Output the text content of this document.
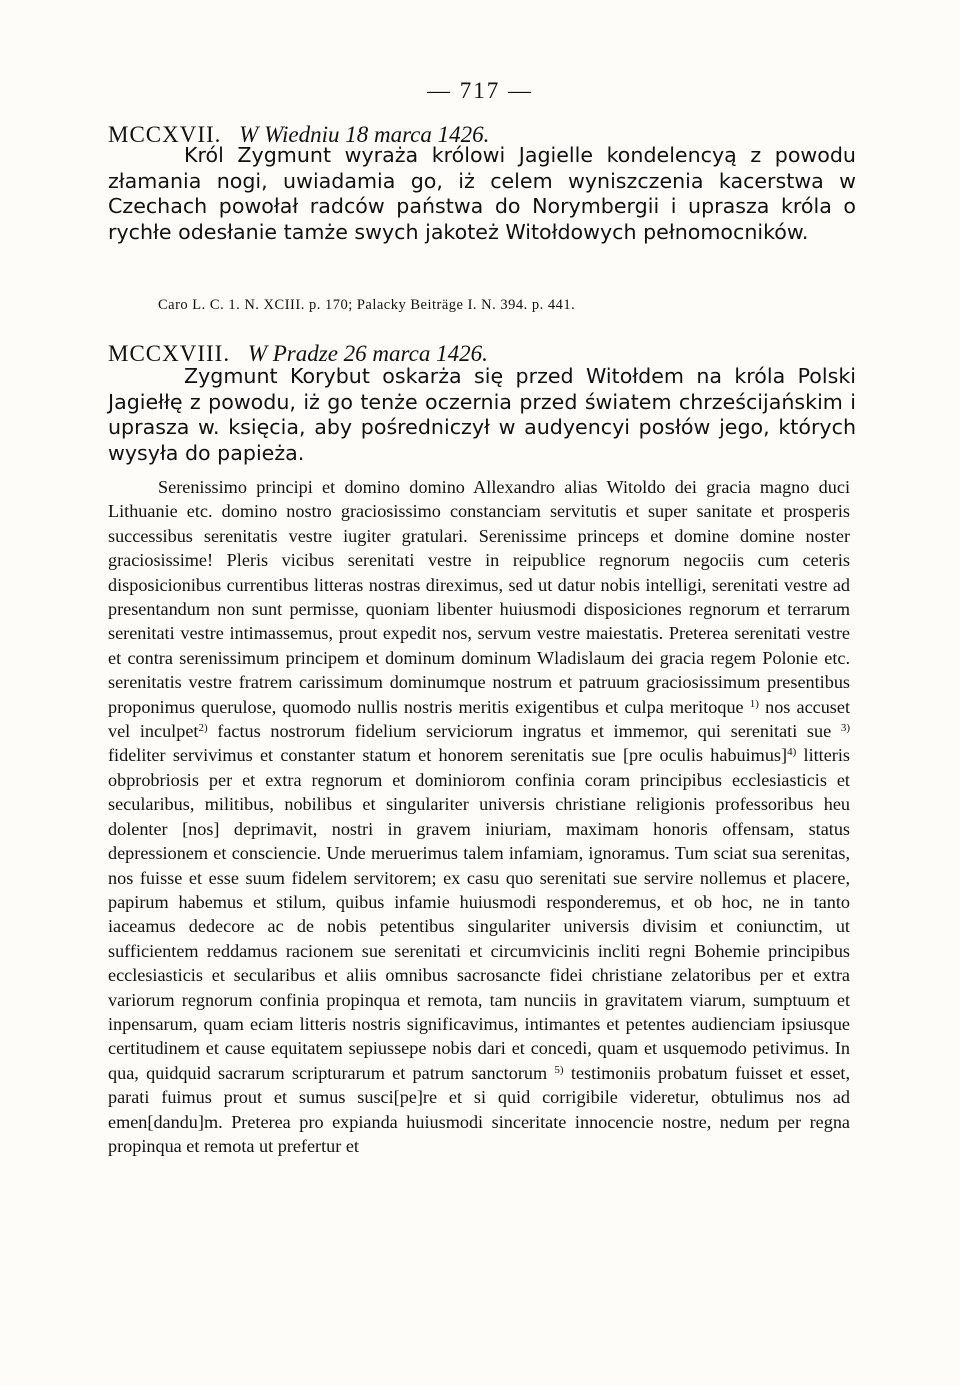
— 717 —
MCCXVII. W Wiedniu 18 marca 1426.

Król Zygmunt wyraża królowi Jagielle kondelencyą z powodu złamania nogi, uwiadamia go, iż celem wyniszczenia kacerstwa w Czechach powołał radców państwa do Norymbergii i uprasza króla o rychłe odesłanie tamże swych jakoteż Witołdowych pełnomocników.

Caro L. C. 1. N. XCIII. p. 170; Palacky Beiträge I. N. 394. p. 441.
MCCXVIII. W Pradze 26 marca 1426.

Zygmunt Korybut oskarża się przed Witołdem na króla Polski Jagiełłę z powodu, iż go tenże oczernia przed światem chrześcijańskim i uprasza w. księcia, aby pośredniczył w audyencyi posłów jego, których wysyła do papieża.

Serenissimo principi et domino domino Allexandro alias Witoldo dei gracia magno duci Lithuanie etc. domino nostro graciosissimo constanciam servitutis et super sanitate et prosperis successibus serenitatis vestre iugiter gratulari. Serenissime princeps et domine domine noster graciosissime! Pleris vicibus serenitati vestre in reipublice regnorum negociis cum ceteris disposicionibus currentibus litteras nostras direximus, sed ut datur nobis intelligi, serenitati vestre ad presentandum non sunt permisse, quoniam libenter huiusmodi disposiciones regnorum et terrarum serenitati vestre intimassemus, prout expedit nos, servum vestre maiestatis. Preterea serenitati vestre et contra serenissimum principem et dominum dominum Wladislaum dei gracia regem Polonie etc. serenitatis vestre fratrem carissimum dominumque nostrum et patruum graciosissimum presentibus proponimus querulose, quomodo nullis nostris meritis exigentibus et culpa meritoque $^{1)}$ nos accuset vel inculpet$^{2)}$ factus nostrorum fidelium serviciorum ingratus et immemor, qui serenitati sue $^{3)}$ fideliter servivimus et constanter statum et honorem serenitatis sue [pre oculis habuimus]$^{4)}$ litteris obprobriosis per et extra regnorum et dominiorom confinia coram principibus ecclesiasticis et secularibus, militibus, nobilibus et singulariter universis christiane religionis professoribus heu dolenter [nos] deprimavit, nostri in gravem iniuriam, maximam honoris offensam, status depressionem et consciencie. Unde meruerimus talem infamiam, ignoramus. Tum sciat sua serenitas, nos fuisse et esse suum fidelem servitorem; ex casu quo serenitati sue servire nollemus et placere, papirum habemus et stilum, quibus infamie huiusmodi responderemus, et ob hoc, ne in tanto iaceamus dedecore ac de nobis petentibus singulariter universis divisim et coniunctim, ut sufficientem reddamus racionem sue serenitati et circumvicinis incliti regni Bohemie principibus ecclesiasticis et secularibus et aliis omnibus sacrosancte fidei christiane zelatoribus per et extra variorum regnorum confinia propinqua et remota, tam nunciis in gravitatem viarum, sumptuum et inpensarum, quam eciam litteris nostris significavimus, intimantes et petentes audienciam ipsiusque certitudinem et cause equitatem sepiussepe nobis dari et concedi, quam et usquemodo petivimus. In qua, quidquid sacrarum scripturarum et patrum sanctorum $^{5)}$ testimoniis probatum fuisset et esset, parati fuimus prout et sumus susci[pe]re et si quid corrigibile videretur, obtulimus nos ad emen[dandu]m. Preterea pro expianda huiusmodi sinceritate innocencie nostre, nedum per regna propinqua et remota ut prefertur et
